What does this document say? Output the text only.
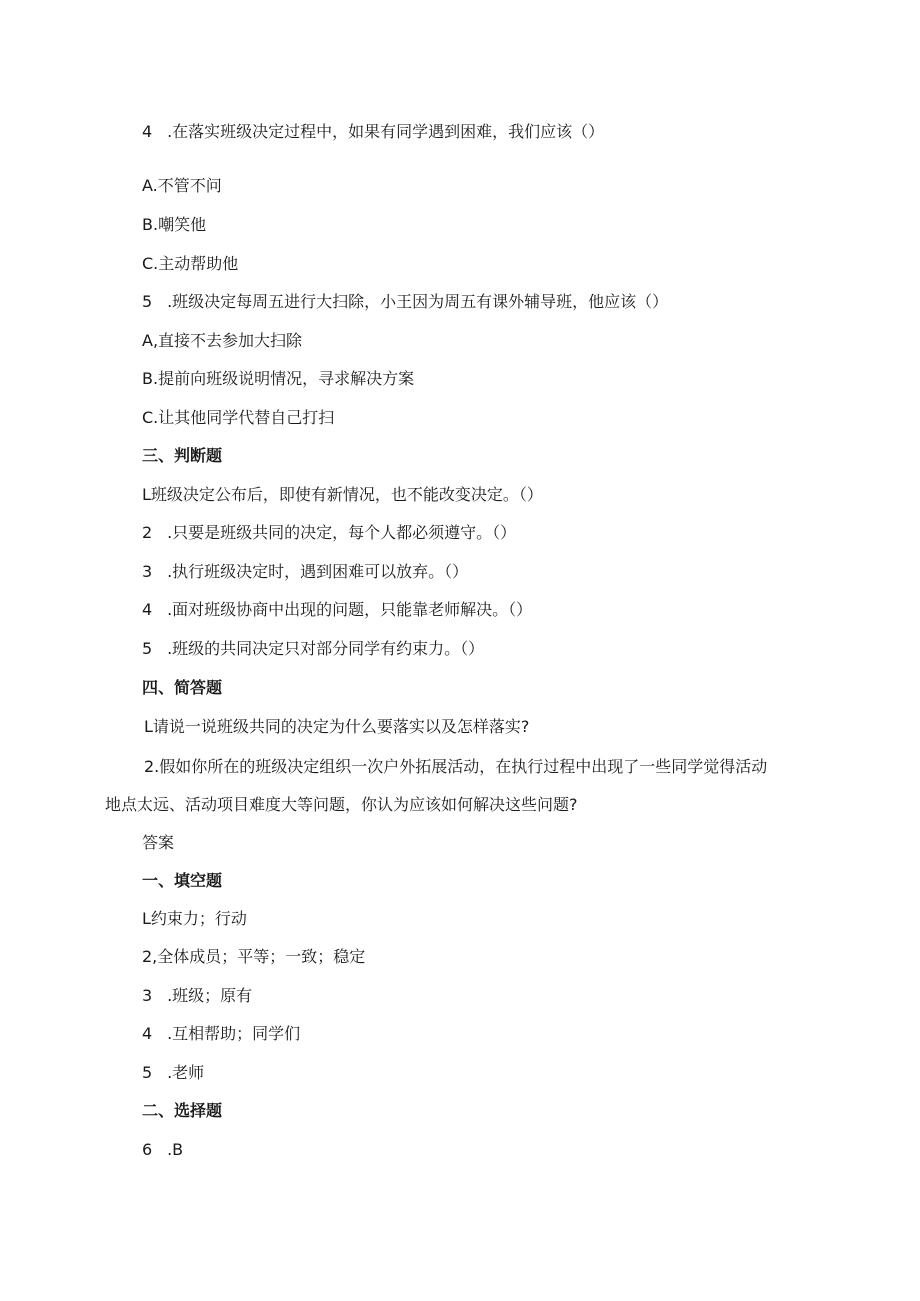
4 .在落实班级决定过程中，如果有同学遇到困难，我们应该（）
A.不管不问
B.嘲笑他
C.主动帮助他
5 .班级决定每周五进行大扫除，小王因为周五有课外辅导班，他应该（）
A,直接不去参加大扫除
B.提前向班级说明情况，寻求解决方案
C.让其他同学代替自己打扫
三、判断题
L班级决定公布后，即使有新情况，也不能改变决定。（）
2 .只要是班级共同的决定，每个人都必须遵守。（）
3 .执行班级决定时，遇到困难可以放弃。（）
4 .面对班级协商中出现的问题，只能靠老师解决。（）
5 .班级的共同决定只对部分同学有约束力。（）
四、简答题
L请说一说班级共同的决定为什么要落实以及怎样落实?
2.假如你所在的班级决定组织一次户外拓展活动，在执行过程中出现了一些同学觉得活动
地点太远、活动项目难度大等问题，你认为应该如何解决这些问题?
答案
一、填空题
L约束力；行动
2,全体成员；平等；一致；稳定
3 .班级；原有
4 .互相帮助；同学们
5 .老师
二、选择题
6 .B
